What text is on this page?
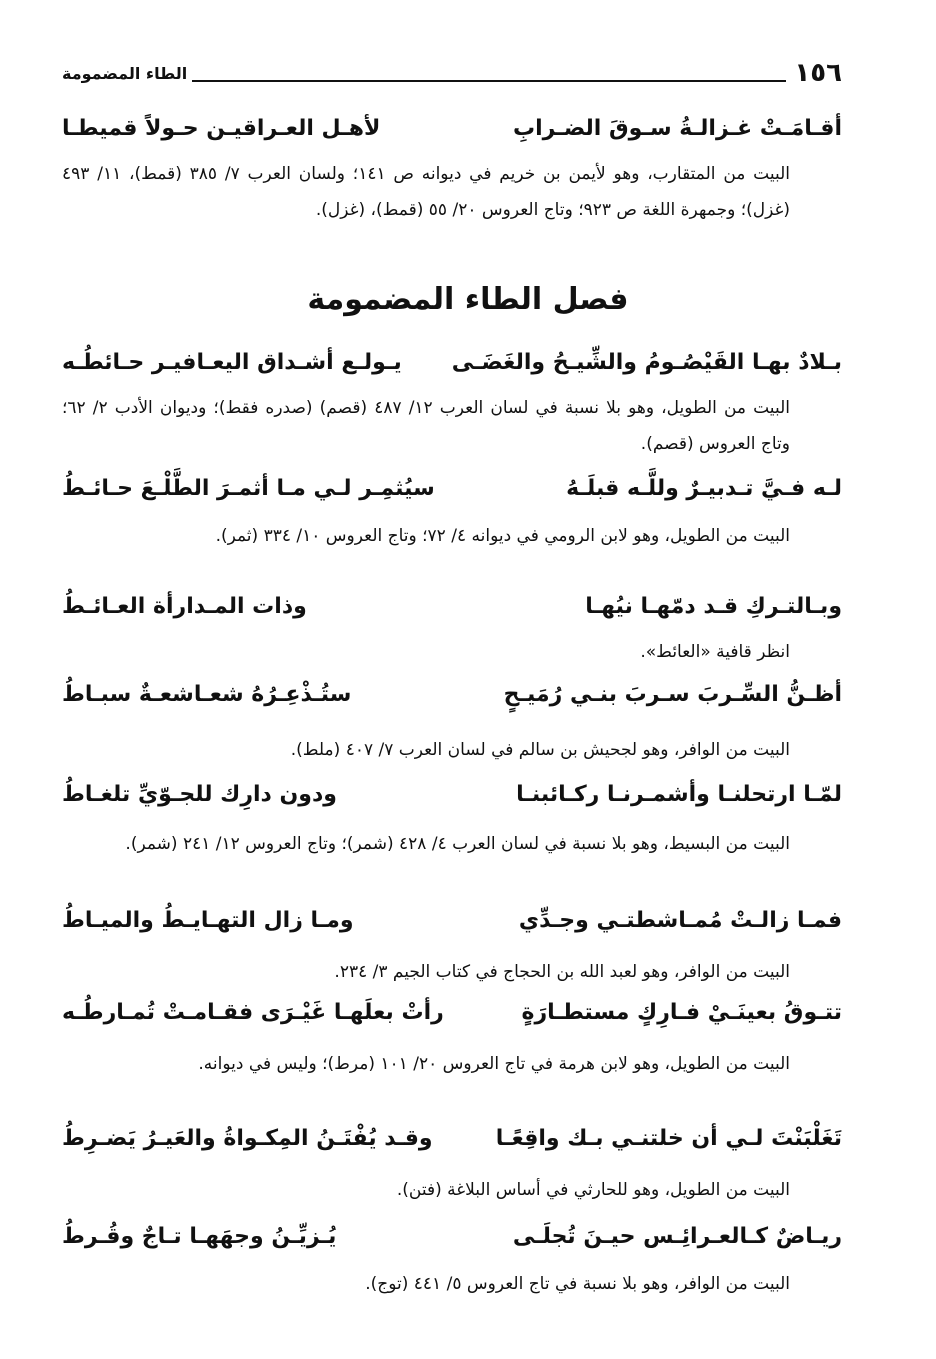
١٥٦
الطاء المضمومة
أقـامَـتْ غـزالـةُ سـوقَ الضـرابِ
لأهـل العـراقيـن حـولاً قميطـا
البيت من المتقارب، وهو لأيمن بن خريم في ديوانه ص ١٤١؛ ولسان العرب ٧/ ٣٨٥ (قمط)، ١١/ ٤٩٣ (غزل)؛ وجمهرة اللغة ص ٩٢٣؛ وتاج العروس ٢٠/ ٥٥ (قمط)، (غزل).
فصل الطاء المضمومة
بـلادٌ بهـا القَيْصُـومُ والشِّيـحُ والغَضَـى
يـولـع أشـداق اليعـافيـر حـائطُـه
البيت من الطويل، وهو بلا نسبة في لسان العرب ١٢/ ٤٨٧ (قصم) (صدره فقط)؛ وديوان الأدب ٢/ ٦٢؛ وتاج العروس (قصم).
لـه فـيَّ تـدبيـرٌ وللَّـه قبلَـهُ
سيُثمِـر لـي مـا أثمـرَ الطَّلْـعَ حـائـطُ
البيت من الطويل، وهو لابن الرومي في ديوانه ٤/ ٧٢؛ وتاج العروس ١٠/ ٣٣٤ (ثمر).
وبـالتـركِ قـد دمّهـا نيُهـا
وذات المـدارأة العـائـطُ
انظر قافية «العائط».
أظـنُّ السِّـربَ سـربَ بنـي رُمَيـحٍ
ستُـذْعِـرُهُ شعـاشعـةٌ سبـاطُ
البيت من الوافر، وهو لجحيش بن سالم في لسان العرب ٧/ ٤٠٧ (ملط).
لمّـا ارتحلنـا وأشمـرنـا ركـائبنـا
ودون دارِك للجـوّيِّ تلغـاطُ
البيت من البسيط، وهو بلا نسبة في لسان العرب ٤/ ٤٢٨ (شمر)؛ وتاج العروس ١٢/ ٢٤١ (شمر).
فمـا زالـتْ مُمـاشطتـي وجـدِّي
ومـا زال التهـايـطُ والميـاطُ
البيت من الوافر، وهو لعبد الله بن الحجاج في كتاب الجيم ٣/ ٢٣٤.
تتـوقُ بعينَـيْ فـارِكٍ مستطـارَةٍ
رأتْ بعلَهـا غَيْـرَى فقـامـتْ تُمـارطُـه
البيت من الطويل، وهو لابن هرمة في تاج العروس ٢٠/ ١٠١ (مرط)؛ وليس في ديوانه.
تَغَلْبَنْتَ لـي أن خلتنـي بـك واقِعًـا
وقـد يُفْتَـنُ المِكـواةُ والعَيـرُ يَضـرِطُ
البيت من الطويل، وهو للحارثي في أساس البلاغة (فتن).
ريـاضٌ كـالعـرائِـس حيـنَ تُجلَـى
يُـزيِّـنُ وجهَهـا تـاجٌ وقُـرطُ
البيت من الوافر، وهو بلا نسبة في تاج العروس ٥/ ٤٤١ (توج).
